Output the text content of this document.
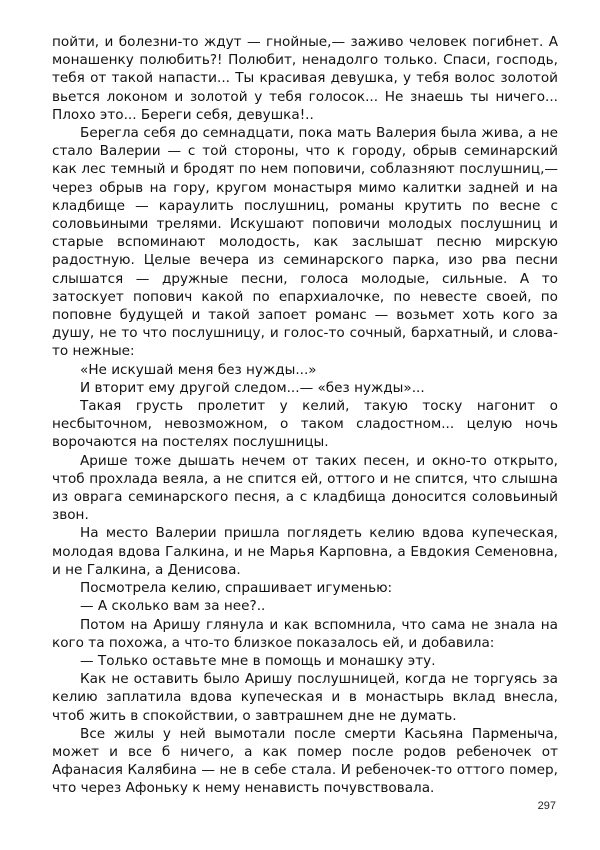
пойти, и болезни-то ждут — гнойные,— заживо человек погибнет. А монашенку полюбить?! Полюбит, ненадолго только. Спаси, господь, тебя от такой напасти... Ты красивая девушка, у тебя волос золотой вьется локоном и золотой у тебя голосок... Не знаешь ты ничего... Плохо это... Береги себя, девушка!..

Берегла себя до семнадцати, пока мать Валерия была жива, а не стало Валерии — с той стороны, что к городу, обрыв семинарский как лес темный и бродят по нем поповичи, соблазняют послушниц,— через обрыв на гору, кругом монастыря мимо калитки задней и на кладбище — караулить послушниц, романы крутить по весне с соловьиными трелями. Искушают поповичи молодых послушниц и старые вспоминают молодость, как заслышат песню мирскую радостную. Целые вечера из семинарского парка, изо рва песни слышатся — дружные песни, голоса молодые, сильные. А то затоскует попович какой по епархиалочке, по невесте своей, по поповне будущей и такой запоет романс — возьмет хоть кого за душу, не то что послушницу, и голос-то сочный, бархатный, и слова-то нежные:

«Не искушай меня без нужды...»

И вторит ему другой следом...— «без нужды»...

Такая грусть пролетит у келий, такую тоску нагонит о несбыточном, невозможном, о таком сладостном... целую ночь ворочаются на постелях послушницы.

Арише тоже дышать нечем от таких песен, и окно-то открыто, чтоб прохлада веяла, а не спится ей, оттого и не спится, что слышна из оврага семинарского песня, а с кладбища доносится соловьиный звон.

На место Валерии пришла поглядеть келию вдова купеческая, молодая вдова Галкина, и не Марья Карповна, а Евдокия Семеновна, и не Галкина, а Денисова.

Посмотрела келию, спрашивает игуменью:

— А сколько вам за нее?..

Потом на Аришу глянула и как вспомнила, что сама не знала на кого та похожа, а что-то близкое показалось ей, и добавила:

— Только оставьте мне в помощь и монашку эту.

Как не оставить было Аришу послушницей, когда не торгуясь за келию заплатила вдова купеческая и в монастырь вклад внесла, чтоб жить в спокойствии, о завтрашнем дне не думать.

Все жилы у ней вымотали после смерти Касьяна Парменыча, может и все б ничего, а как помер после родов ребеночек от Афанасия Калябина — не в себе стала. И ребеночек-то оттого помер, что через Афоньку к нему ненависть почувствовала.

297
